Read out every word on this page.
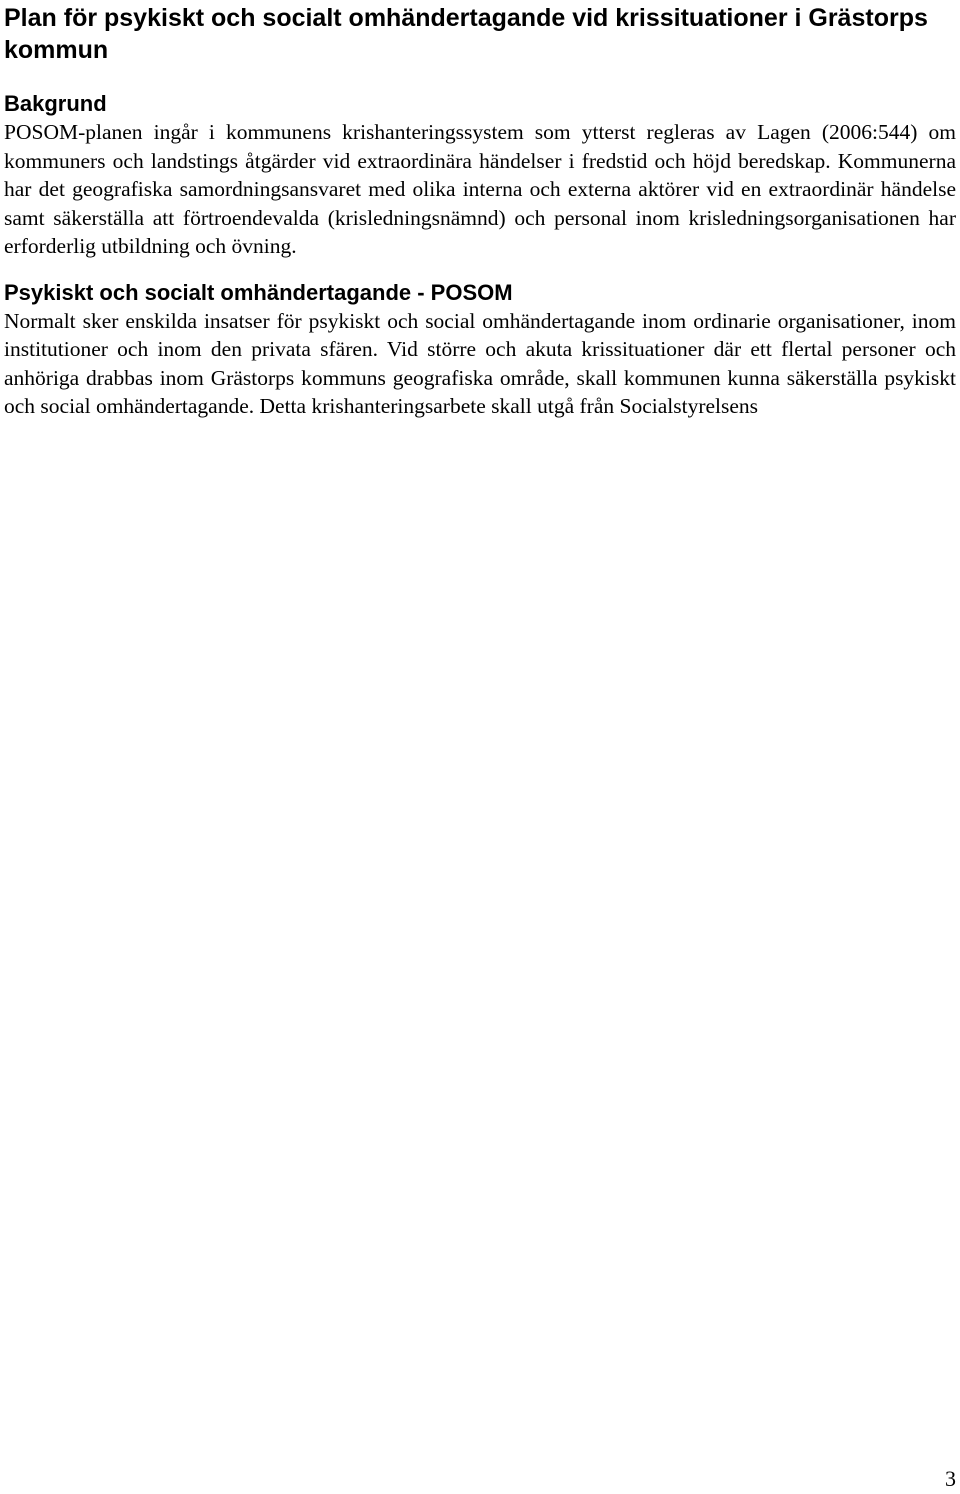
Plan för psykiskt och socialt omhändertagande vid krissituationer i Grästorps kommun
Bakgrund

POSOM-planen ingår i kommunens krishanteringssystem som ytterst regleras av Lagen (2006:544) om kommuners och landstings åtgärder vid extraordinära händelser i fredstid och höjd beredskap. Kommunerna har det geografiska samordningsansvaret med olika interna och externa aktörer vid en extraordinär händelse samt säkerställa att förtroendevalda (krisledningsnämnd) och personal inom krisledningsorganisationen har erforderlig utbildning och övning.

Psykiskt och socialt omhändertagande - POSOM

Normalt sker enskilda insatser för psykiskt och social omhändertagande inom ordinarie organisationer, inom institutioner och inom den privata sfären. Vid större och akuta krissituationer där ett flertal personer och anhöriga drabbas inom Grästorps kommuns geografiska område, skall kommunen kunna säkerställa psykiskt och social omhändertagande. Detta krishanteringsarbete skall utgå från Socialstyrelsens

3
